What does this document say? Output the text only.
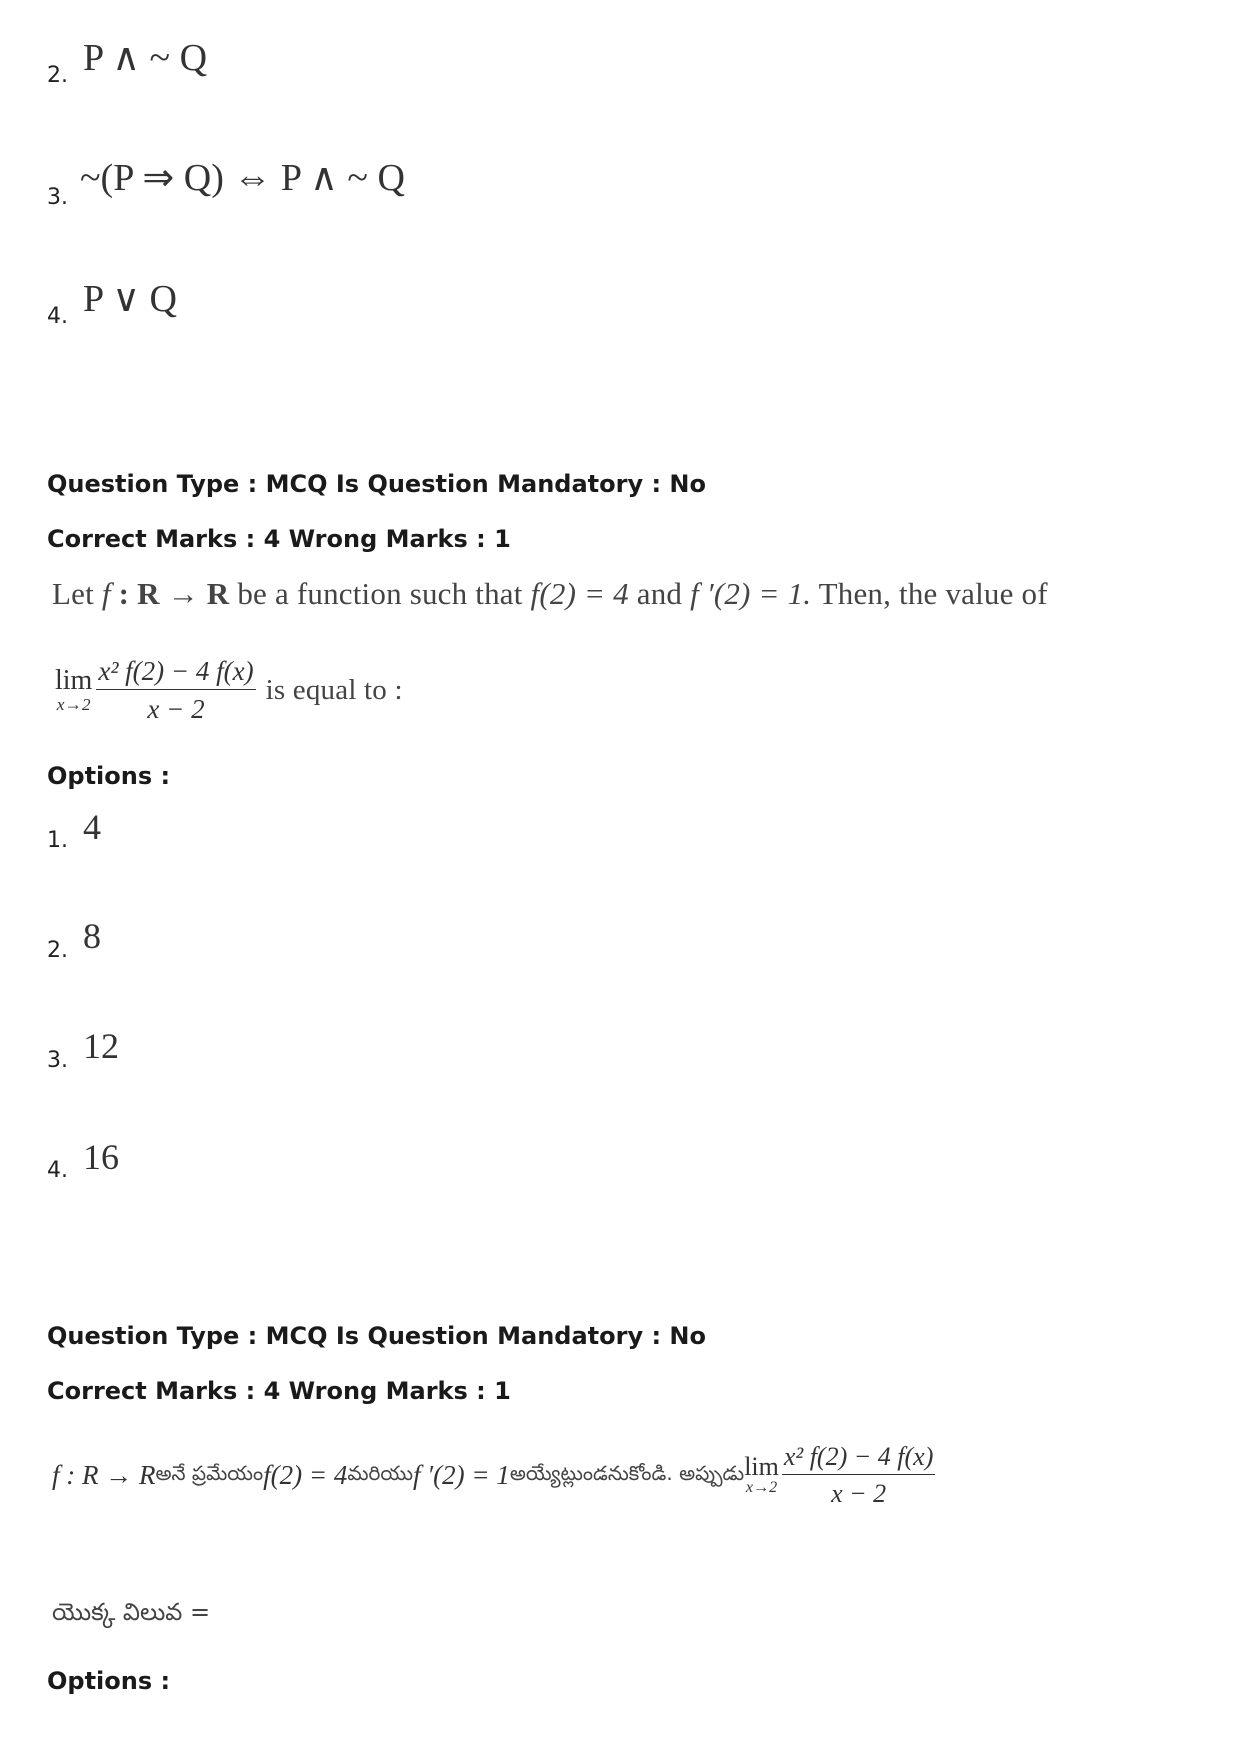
2. P ∧ ~ Q
3. ~(P ⇒ Q) ⇔ P ∧ ~ Q
4. P ∨ Q
Question Type : MCQ Is Question Mandatory : No
Correct Marks : 4 Wrong Marks : 1
Let f : R → R be a function such that f(2) = 4 and f ′(2) = 1. Then, the value of
lim
$x\to 2 \frac{\text{x² f(2) − 4 f(x)}}{x - 2}$ is equal to :
Options :
1. 4
2. 8
3. 12
4. 16
Question Type : MCQ Is Question Mandatory : No
Correct Marks : 4 Wrong Marks : 1
f : R → R అనే ప్రమేయం f(2) = 4 మరియు f ′(2) = 1 అయ్యేట్లుండనుకోండి. అప్పుడు lim
$x\to 2 \frac{\text{x² f(2) − 4 f(x)}}{x - 2}$
యొక్క విలువ =
Options :
